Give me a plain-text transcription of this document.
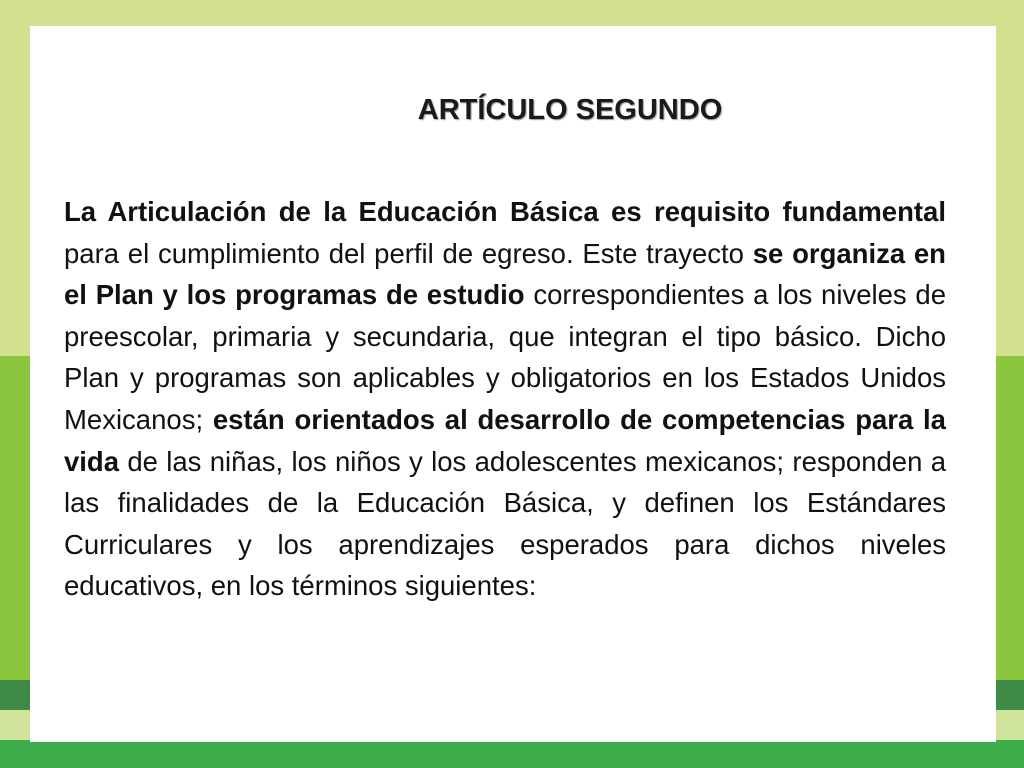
ARTÍCULO SEGUNDO

La Articulación de la Educación Básica es requisito fundamental para el cumplimiento del perfil de egreso. Este trayecto se organiza en el Plan y los programas de estudio correspondientes a los niveles de preescolar, primaria y secundaria, que integran el tipo básico. Dicho Plan y programas son aplicables y obligatorios en los Estados Unidos Mexicanos; están orientados al desarrollo de competencias para la vida de las niñas, los niños y los adolescentes mexicanos; responden a las finalidades de la Educación Básica, y definen los Estándares Curriculares y los aprendizajes esperados para dichos niveles educativos, en los términos siguientes:
